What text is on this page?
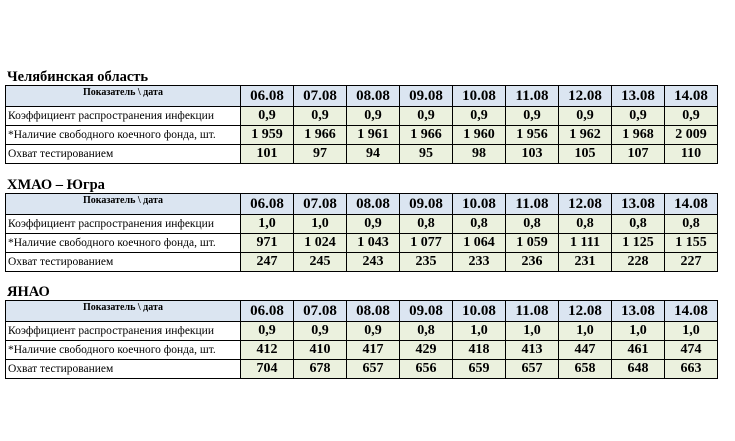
Челябинская область
Показатель \ дата	06.08	07.08	08.08	09.08	10.08	11.08	12.08	13.08	14.08
Коэффициент распространения инфекции	0,9	0,9	0,9	0,9	0,9	0,9	0,9	0,9	0,9
*Наличие свободного коечного фонда, шт.	1 959	1 966	1 961	1 966	1 960	1 956	1 962	1 968	2 009
Охват тестированием	101	97	94	95	98	103	105	107	110
ХМАО – Югра
Показатель \ дата	06.08	07.08	08.08	09.08	10.08	11.08	12.08	13.08	14.08
Коэффициент распространения инфекции	1,0	1,0	0,9	0,8	0,8	0,8	0,8	0,8	0,8
*Наличие свободного коечного фонда, шт.	971	1 024	1 043	1 077	1 064	1 059	1 111	1 125	1 155
Охват тестированием	247	245	243	235	233	236	231	228	227
ЯНАО
Показатель \ дата	06.08	07.08	08.08	09.08	10.08	11.08	12.08	13.08	14.08
Коэффициент распространения инфекции	0,9	0,9	0,9	0,8	1,0	1,0	1,0	1,0	1,0
*Наличие свободного коечного фонда, шт.	412	410	417	429	418	413	447	461	474
Охват тестированием	704	678	657	656	659	657	658	648	663
